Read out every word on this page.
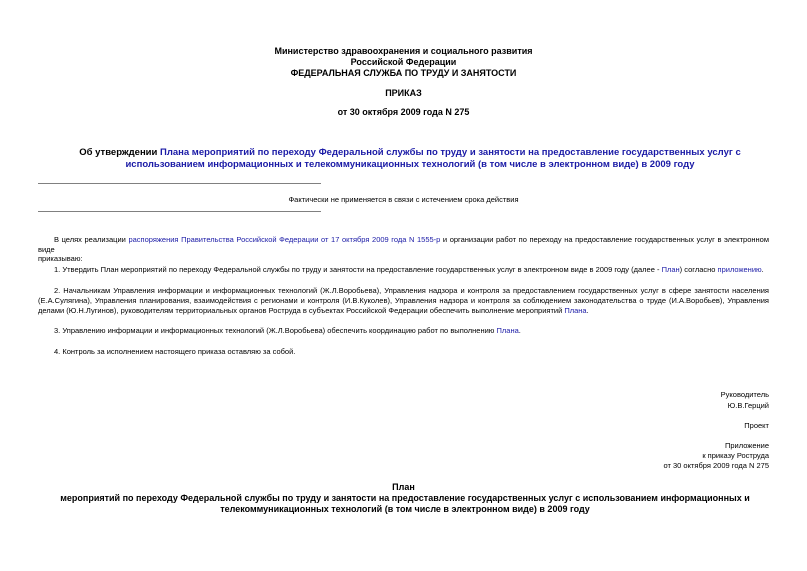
Министерство здравоохранения и социального развития
Российской Федерации
ФЕДЕРАЛЬНАЯ СЛУЖБА ПО ТРУДУ И ЗАНЯТОСТИ
ПРИКАЗ
от 30 октября 2009 года N 275
Об утверждении Плана мероприятий по переходу Федеральной службы по труду и занятости на предоставление государственных услуг с использованием информационных и телекоммуникационных технологий (в том числе в электронном виде) в 2009 году
Фактически не применяется в связи с истечением срока действия
В целях реализации распоряжения Правительства Российской Федерации от 17 октября 2009 года N 1555-р и организации работ по переходу на предоставление государственных услуг в электронном виде
приказываю:
1. Утвердить План мероприятий по переходу Федеральной службы по труду и занятости на предоставление государственных услуг в электронном виде в 2009 году (далее - План) согласно приложению.
2. Начальникам Управления информации и информационных технологий (Ж.Л.Воробьева), Управления надзора и контроля за предоставлением государственных услуг в сфере занятости населения (Е.А.Сулягина), Управления планирования, взаимодействия с регионами и контроля (И.В.Куколев), Управления надзора и контроля за соблюдением законодательства о труде (И.А.Воробьев), Управления делами (Ю.Н.Лугинов), руководителям территориальных органов Роструда в субъектах Российской Федерации обеспечить выполнение мероприятий Плана.
3. Управлению информации и информационных технологий (Ж.Л.Воробьева) обеспечить координацию работ по выполнению Плана.
4. Контроль за исполнением настоящего приказа оставляю за собой.
Руководитель
Ю.В.Герций
Проект
Приложение
к приказу Роструда
от 30 октября 2009 года N 275
План
мероприятий по переходу Федеральной службы по труду и занятости на предоставление государственных услуг с использованием информационных и телекоммуникационных технологий (в том числе в электронном виде) в 2009 году
